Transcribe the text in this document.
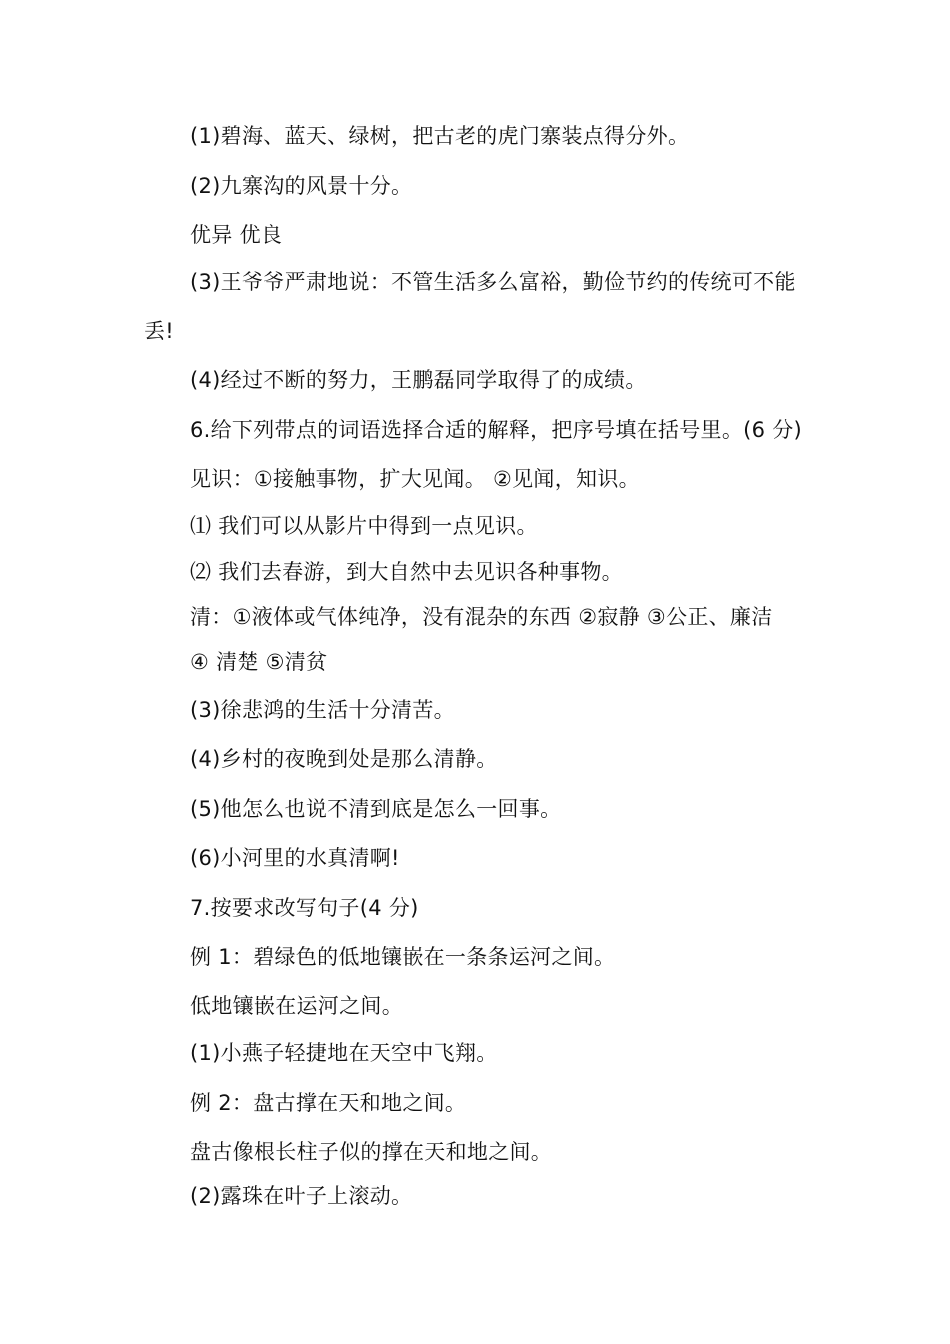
(1)碧海、蓝天、绿树，把古老的虎门寨装点得分外。
(2)九寨沟的风景十分。
优异 优良
(3)王爷爷严肃地说：不管生活多么富裕，勤俭节约的传统可不能
丢!
(4)经过不断的努力，王鹏磊同学取得了的成绩。
6.给下列带点的词语选择合适的解释，把序号填在括号里。(6 分)
见识：①接触事物，扩大见闻。 ②见闻，知识。
⑴ 我们可以从影片中得到一点见识。
⑵ 我们去春游，到大自然中去见识各种事物。
清：①液体或气体纯净，没有混杂的东西 ②寂静 ③公正、廉洁
④ 清楚 ⑤清贫
(3)徐悲鸿的生活十分清苦。
(4)乡村的夜晚到处是那么清静。
(5)他怎么也说不清到底是怎么一回事。
(6)小河里的水真清啊!
7.按要求改写句子(4 分)
例 1：碧绿色的低地镶嵌在一条条运河之间。
低地镶嵌在运河之间。
(1)小燕子轻捷地在天空中飞翔。
例 2：盘古撑在天和地之间。
盘古像根长柱子似的撑在天和地之间。
(2)露珠在叶子上滚动。
